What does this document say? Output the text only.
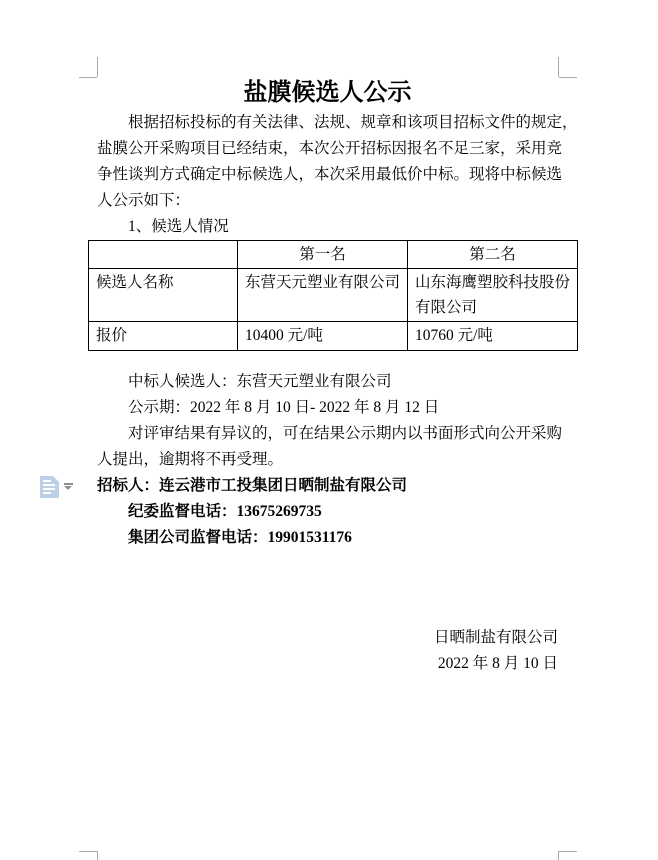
盐膜候选人公示
根据招标投标的有关法律、法规、规章和该项目招标文件的规定，
盐膜公开采购项目已经结束，本次公开招标因报名不足三家，采用竞
争性谈判方式确定中标候选人，本次采用最低价中标。现将中标候选
人公示如下：
1、候选人情况
	第一名	第二名
候选人名称	东营天元塑业有限公司	山东海鹰塑胶科技股份有限公司
报价	10400 元/吨	10760 元/吨
中标人候选人：东营天元塑业有限公司
公示期：2022 年 8 月 10 日- 2022 年 8 月 12 日
对评审结果有异议的，可在结果公示期内以书面形式向公开采购
人提出，逾期将不再受理。
招标人：连云港市工投集团日晒制盐有限公司
纪委监督电话：13675269735
集团公司监督电话：19901531176
日晒制盐有限公司
2022 年 8 月 10 日
